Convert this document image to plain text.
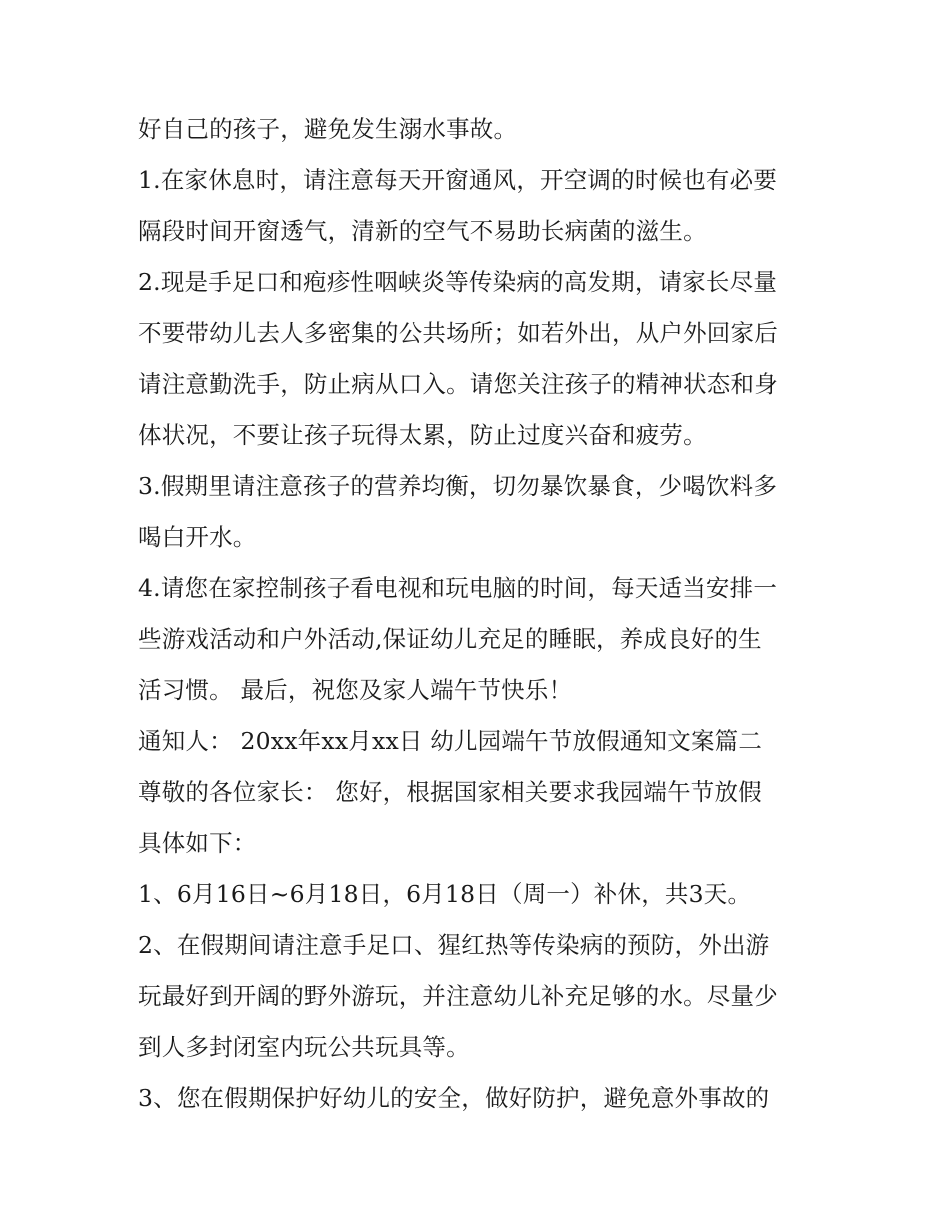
好自己的孩子，避免发生溺水事故。
1.在家休息时，请注意每天开窗通风，开空调的时候也有必要
隔段时间开窗透气，清新的空气不易助长病菌的滋生。
2.现是手足口和疱疹性咽峡炎等传染病的高发期，请家长尽量
不要带幼儿去人多密集的公共场所；如若外出，从户外回家后
请注意勤洗手，防止病从口入。请您关注孩子的精神状态和身
体状况，不要让孩子玩得太累，防止过度兴奋和疲劳。
3.假期里请注意孩子的营养均衡，切勿暴饮暴食，少喝饮料多
喝白开水。
4.请您在家控制孩子看电视和玩电脑的时间，每天适当安排一
些游戏活动和户外活动,保证幼儿充足的睡眠，养成良好的生
活习惯。 最后，祝您及家人端午节快乐！
通知人： 20xx年xx月xx日 幼儿园端午节放假通知文案篇二
尊敬的各位家长： 您好，根据国家相关要求我园端午节放假
具体如下：
1、6月16日~6月18日，6月18日（周一）补休，共3天。
2、在假期间请注意手足口、猩红热等传染病的预防，外出游
玩最好到开阔的野外游玩，并注意幼儿补充足够的水。尽量少
到人多封闭室内玩公共玩具等。
3、您在假期保护好幼儿的安全，做好防护，避免意外事故的
